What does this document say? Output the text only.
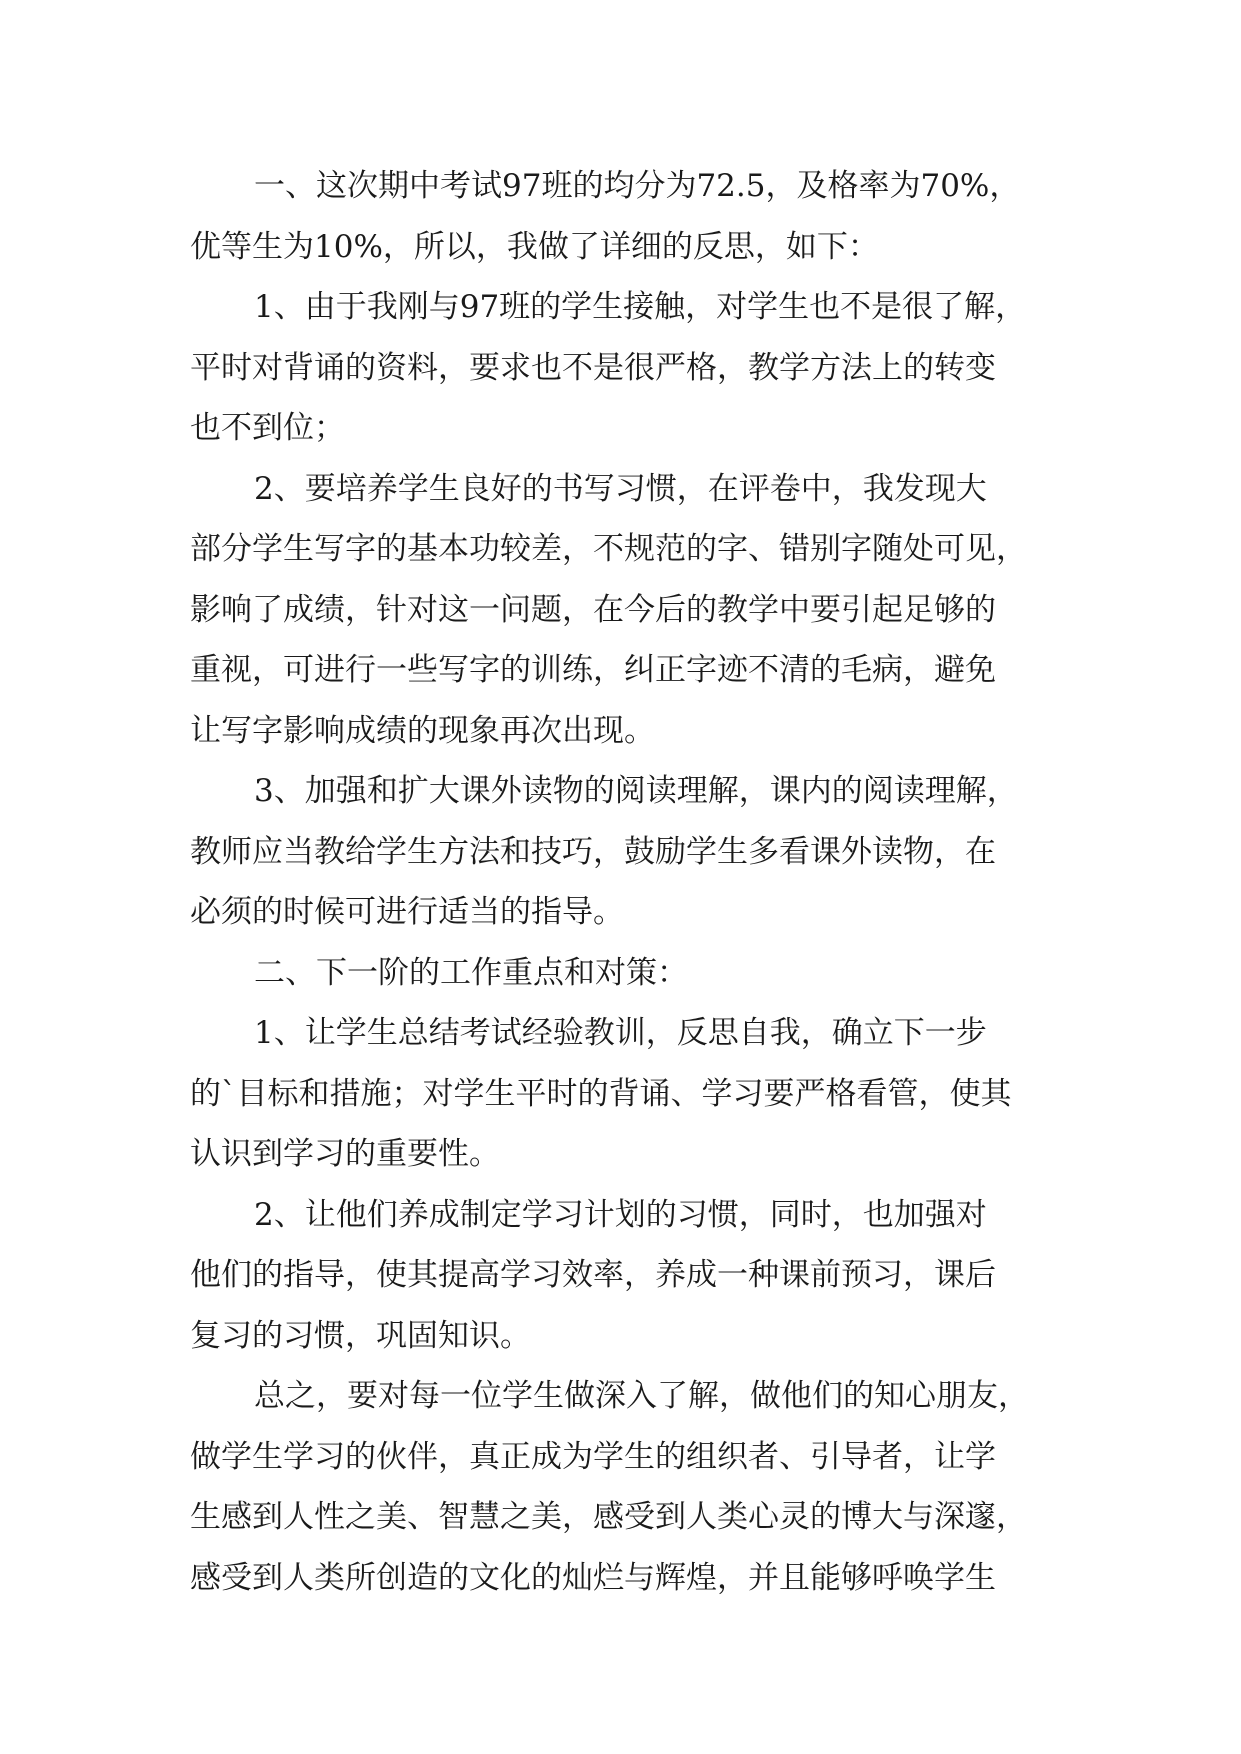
一、这次期中考试97班的均分为72.5，及格率为70%，
优等生为10%，所以，我做了详细的反思，如下：
1、由于我刚与97班的学生接触，对学生也不是很了解，
平时对背诵的资料，要求也不是很严格，教学方法上的转变
也不到位；
2、要培养学生良好的书写习惯，在评卷中，我发现大
部分学生写字的基本功较差，不规范的字、错别字随处可见，
影响了成绩，针对这一问题，在今后的教学中要引起足够的
重视，可进行一些写字的训练，纠正字迹不清的毛病，避免
让写字影响成绩的现象再次出现。
3、加强和扩大课外读物的阅读理解，课内的阅读理解，
教师应当教给学生方法和技巧，鼓励学生多看课外读物，在
必须的时候可进行适当的指导。
二、下一阶的工作重点和对策：
1、让学生总结考试经验教训，反思自我，确立下一步
的`目标和措施；对学生平时的背诵、学习要严格看管，使其
认识到学习的重要性。
2、让他们养成制定学习计划的习惯，同时，也加强对
他们的指导，使其提高学习效率，养成一种课前预习，课后
复习的习惯，巩固知识。
总之，要对每一位学生做深入了解，做他们的知心朋友，
做学生学习的伙伴，真正成为学生的组织者、引导者，让学
生感到人性之美、智慧之美，感受到人类心灵的博大与深邃，
感受到人类所创造的文化的灿烂与辉煌，并且能够呼唤学生
